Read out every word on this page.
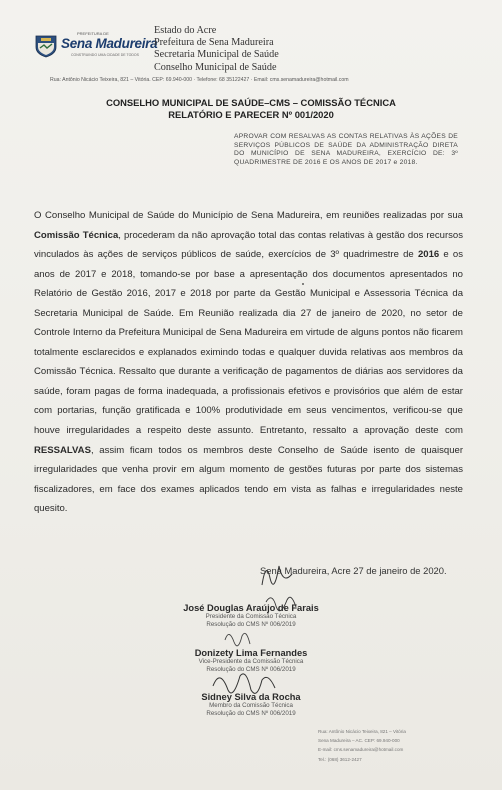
PREFEITURA DE
Sena Madureira
CONSTRUINDO UMA CIDADE DE TODOS
Estado do Acre
Prefeitura de Sena Madureira
Secretaria Municipal de Saúde
Conselho Municipal de Saúde
Rua: Antônio Nicácio Teixeira, 821 – Vitória. CEP: 69.940-000 · Telefone: 68 35122427 · Email: cms.senamadureira@hotmail.com
CONSELHO MUNICIPAL DE SAÚDE–CMS – COMISSÃO TÉCNICA
RELATÓRIO E PARECER Nº 001/2020
APROVAR COM RESALVAS AS CONTAS RELATIVAS ÀS AÇÕES DE SERVIÇOS PÚBLICOS DE SAÚDE DA ADMINISTRAÇÃO DIRETA DO MUNICÍPIO DE SENA MADUREIRA, EXERCÍCIO DE: 3º QUADRIMESTRE DE 2016 E OS ANOS DE 2017 e 2018.

O Conselho Municipal de Saúde do Município de Sena Madureira, em reuniões realizadas por sua Comissão Técnica, procederam da não aprovação total das contas relativas à gestão dos recursos vinculados às ações de serviços públicos de saúde, exercícios de 3º quadrimestre de 2016 e os anos de 2017 e 2018, tomando-se por base a apresentação dos documentos apresentados no Relatório de Gestão 2016, 2017 e 2018 por parte da Gestão Municipal e Assessoria Técnica da Secretaria Municipal de Saúde. Em Reunião realizada dia 27 de janeiro de 2020, no setor de Controle Interno da Prefeitura Municipal de Sena Madureira em virtude de alguns pontos não ficarem totalmente esclarecidos e explanados eximindo todas e qualquer duvida relativas aos membros da Comissão Técnica. Ressalto que durante a verificação de pagamentos de diárias aos servidores da saúde, foram pagas de forma inadequada, a profissionais efetivos e provisórios que além de estar com portarias, função gratificada e 100% produtividade em seus vencimentos, verificou-se que houve irregularidades a respeito deste assunto. Entretanto, ressalto a aprovação deste com RESSALVAS, assim ficam todos os membros deste Conselho de Saúde isento de quaisquer irregularidades que venha provir em algum momento de gestões futuras por parte dos sistemas fiscalizadores, em face dos exames aplicados tendo em vista as falhas e irregularidades neste quesito.

Sena Madureira, Acre 27 de janeiro de 2020.
José Douglas Araújo de Farais
Presidente da Comissão Técnica
Resolução do CMS Nº 006/2019
Donizety Lima Fernandes
Vice-Presidente da Comissão Técnica
Resolução do CMS Nº 006/2019
Sidney Silva da Rocha
Membro da Comissão Técnica
Resolução do CMS Nº 006/2019
Rua: Antônio Nicácio Teixeira, 821 – Vitória
Sena Madureira – AC. CEP: 69.940-000
E-mail: cms.senamadureira@hotmail.com
Tel.: (068) 3612-2427
